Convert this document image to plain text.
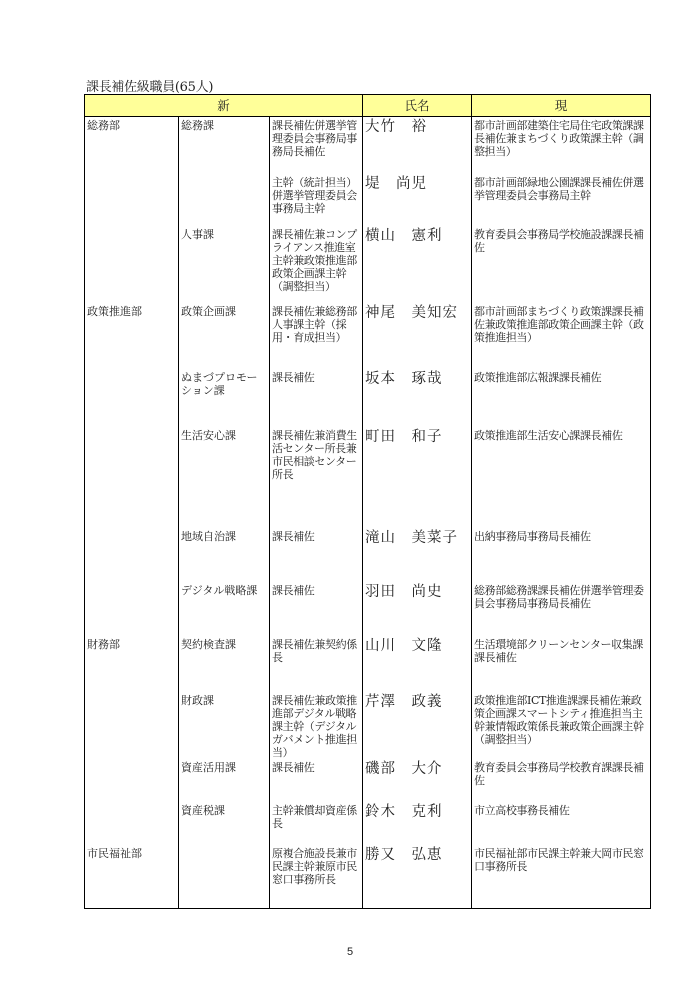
課長補佐級職員(65人)
新			氏名	現
総務部	総務課	課長補佐併選挙管理委員会事務局事務局長補佐	大竹　裕	都市計画部建築住宅局住宅政策課課長補佐兼まちづくり政策課主幹（調整担当）
		主幹（統計担当）併選挙管理委員会事務局主幹	堤　尚児	都市計画部緑地公園課課長補佐併選挙管理委員会事務局主幹
	人事課	課長補佐兼コンプライアンス推進室主幹兼政策推進部政策企画課主幹（調整担当）	横山　憲利	教育委員会事務局学校施設課課長補佐
政策推進部	政策企画課	課長補佐兼総務部人事課主幹（採用・育成担当）	神尾　美知宏	都市計画部まちづくり政策課課長補佐兼政策推進部政策企画課主幹（政策推進担当）
	ぬまづプロモーション課	課長補佐	坂本　琢哉	政策推進部広報課課長補佐
	生活安心課	課長補佐兼消費生活センター所長兼市民相談センター所長	町田　和子	政策推進部生活安心課課長補佐
	地域自治課	課長補佐	滝山　美菜子	出納事務局事務局長補佐
	デジタル戦略課	課長補佐	羽田　尚史	総務部総務課課長補佐併選挙管理委員会事務局事務局長補佐
財務部	契約検査課	課長補佐兼契約係長	山川　文隆	生活環境部クリーンセンター収集課課長補佐
	財政課	課長補佐兼政策推進部デジタル戦略課主幹（デジタルガバメント推進担当）	芹澤　政義	政策推進部ICT推進課課長補佐兼政策企画課スマートシティ推進担当主幹兼情報政策係長兼政策企画課主幹（調整担当）
	資産活用課	課長補佐	磯部　大介	教育委員会事務局学校教育課課長補佐
	資産税課	主幹兼償却資産係長	鈴木　克利	市立高校事務長補佐
市民福祉部		原複合施設長兼市民課主幹兼原市民窓口事務所長	勝又　弘恵	市民福祉部市民課主幹兼大岡市民窓口事務所長
5
